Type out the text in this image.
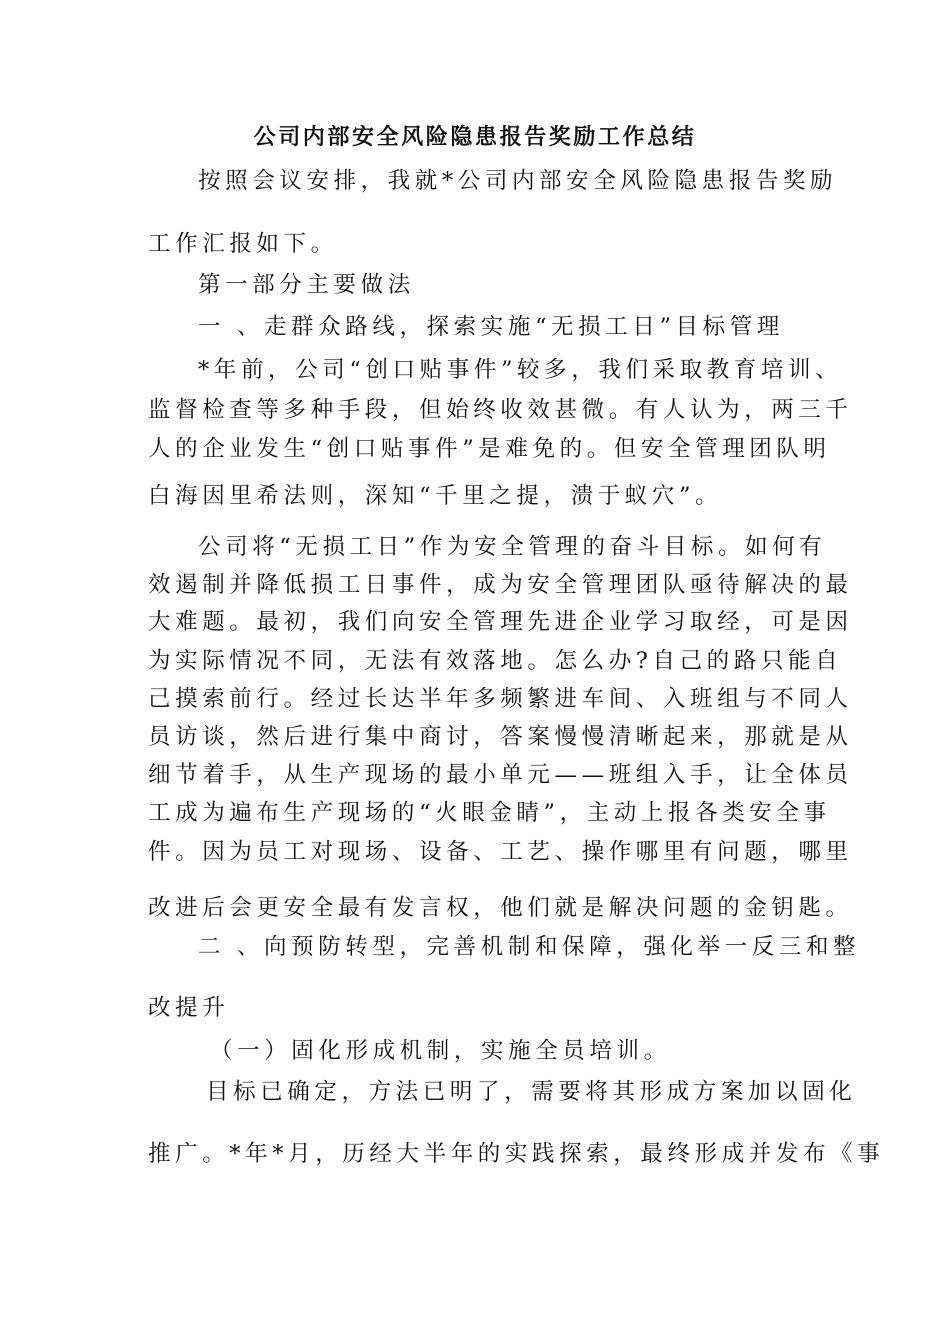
公司内部安全风险隐患报告奖励工作总结
按照会议安排，我就*公司内部安全风险隐患报告奖励
工作汇报如下。
第一部分主要做法
一 、走群众路线，探索实施“无损工日”目标管理
*年前，公司“创口贴事件”较多，我们采取教育培训、
监督检查等多种手段，但始终收效甚微。有人认为，两三千
人的企业发生“创口贴事件”是难免的。但安全管理团队明
白海因里希法则，深知“千里之提，溃于蚁穴”。
公司将“无损工日”作为安全管理的奋斗目标。如何有
效遏制并降低损工日事件，成为安全管理团队亟待解决的最
大难题。最初，我们向安全管理先进企业学习取经，可是因
为实际情况不同，无法有效落地。怎么办?自己的路只能自
己摸索前行。经过长达半年多频繁进车间、入班组与不同人
员访谈，然后进行集中商讨，答案慢慢清晰起来，那就是从
细节着手，从生产现场的最小单元——班组入手，让全体员
工成为遍布生产现场的“火眼金睛”，主动上报各类安全事
件。因为员工对现场、设备、工艺、操作哪里有问题，哪里
改进后会更安全最有发言权，他们就是解决问题的金钥匙。
二 、向预防转型，完善机制和保障，强化举一反三和整
改提升
（一）固化形成机制，实施全员培训。
目标已确定，方法已明了，需要将其形成方案加以固化
推广。*年*月，历经大半年的实践探索，最终形成并发布《事
